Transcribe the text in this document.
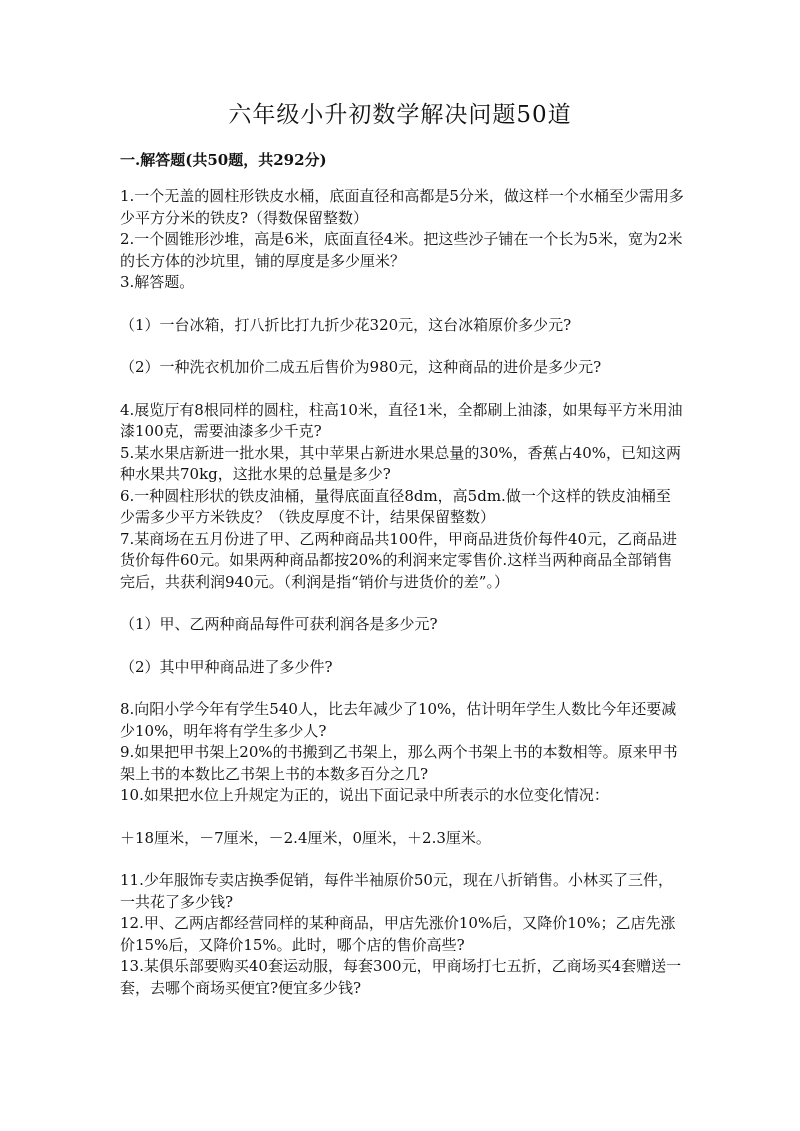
六年级小升初数学解决问题50道
一.解答题(共50题，共292分)

1.一个无盖的圆柱形铁皮水桶，底面直径和高都是5分米，做这样一个水桶至少需用多少平方分米的铁皮?（得数保留整数）

2.一个圆锥形沙堆，高是6米，底面直径4米。把这些沙子铺在一个长为5米，宽为2米的长方体的沙坑里，铺的厚度是多少厘米？

3.解答题。

（1）一台冰箱，打八折比打九折少花320元，这台冰箱原价多少元?

（2）一种洗衣机加价二成五后售价为980元，这种商品的进价是多少元?

4.展览厅有8根同样的圆柱，柱高10米，直径1米，全都刷上油漆，如果每平方米用油漆100克，需要油漆多少千克?

5.某水果店新进一批水果，其中苹果占新进水果总量的30%，香蕉占40%，已知这两种水果共70kg，这批水果的总量是多少?

6.一种圆柱形状的铁皮油桶，量得底面直径8dm，高5dm.做一个这样的铁皮油桶至少需多少平方米铁皮？（铁皮厚度不计，结果保留整数）

7.某商场在五月份进了甲、乙两种商品共100件，甲商品进货价每件40元，乙商品进货价每件60元。如果两种商品都按20%的利润来定零售价.这样当两种商品全部销售完后，共获利润940元。（利润是指“销价与进货价的差”。）

（1）甲、乙两种商品每件可获利润各是多少元?

（2）其中甲种商品进了多少件?

8.向阳小学今年有学生540人，比去年减少了10%，估计明年学生人数比今年还要减少10%，明年将有学生多少人?

9.如果把甲书架上20%的书搬到乙书架上，那么两个书架上书的本数相等。原来甲书架上书的本数比乙书架上书的本数多百分之几?

10.如果把水位上升规定为正的，说出下面记录中所表示的水位变化情况：

＋18厘米，－7厘米，－2.4厘米，0厘米，＋2.3厘米。

11.少年服饰专卖店换季促销，每件半袖原价50元，现在八折销售。小林买了三件，一共花了多少钱?

12.甲、乙两店都经营同样的某种商品，甲店先涨价10%后，又降价10%；乙店先涨价15%后，又降价15%。此时，哪个店的售价高些?

13.某俱乐部要购买40套运动服，每套300元，甲商场打七五折，乙商场买4套赠送一套，去哪个商场买便宜?便宜多少钱?
